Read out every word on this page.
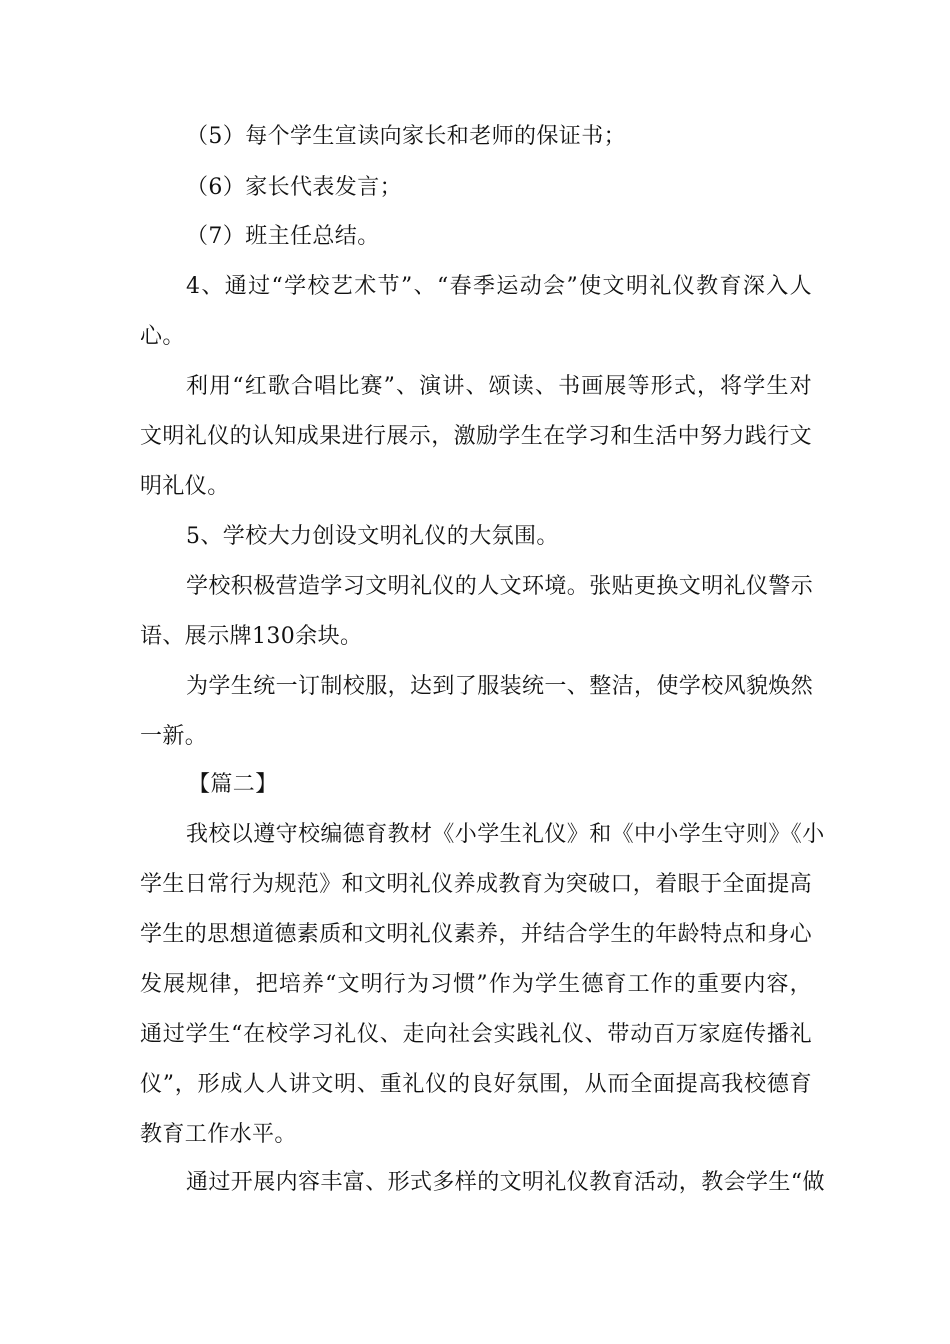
（5）每个学生宣读向家长和老师的保证书；

（6）家长代表发言；

（7）班主任总结。

4、通过“学校艺术节”、“春季运动会”使文明礼仪教育深入人

心。

利用“红歌合唱比赛”、演讲、颂读、书画展等形式，将学生对

文明礼仪的认知成果进行展示，激励学生在学习和生活中努力践行文

明礼仪。

5、学校大力创设文明礼仪的大氛围。

学校积极营造学习文明礼仪的人文环境。张贴更换文明礼仪警示

语、展示牌130余块。

为学生统一订制校服，达到了服装统一、整洁，使学校风貌焕然

一新。

【篇二】

我校以遵守校编德育教材《小学生礼仪》和《中小学生守则》《小

学生日常行为规范》和文明礼仪养成教育为突破口，着眼于全面提高

学生的思想道德素质和文明礼仪素养，并结合学生的年龄特点和身心

发展规律，把培养“文明行为习惯”作为学生德育工作的重要内容，

通过学生“在校学习礼仪、走向社会实践礼仪、带动百万家庭传播礼

仪”，形成人人讲文明、重礼仪的良好氛围，从而全面提高我校德育

教育工作水平。

通过开展内容丰富、形式多样的文明礼仪教育活动，教会学生“做
